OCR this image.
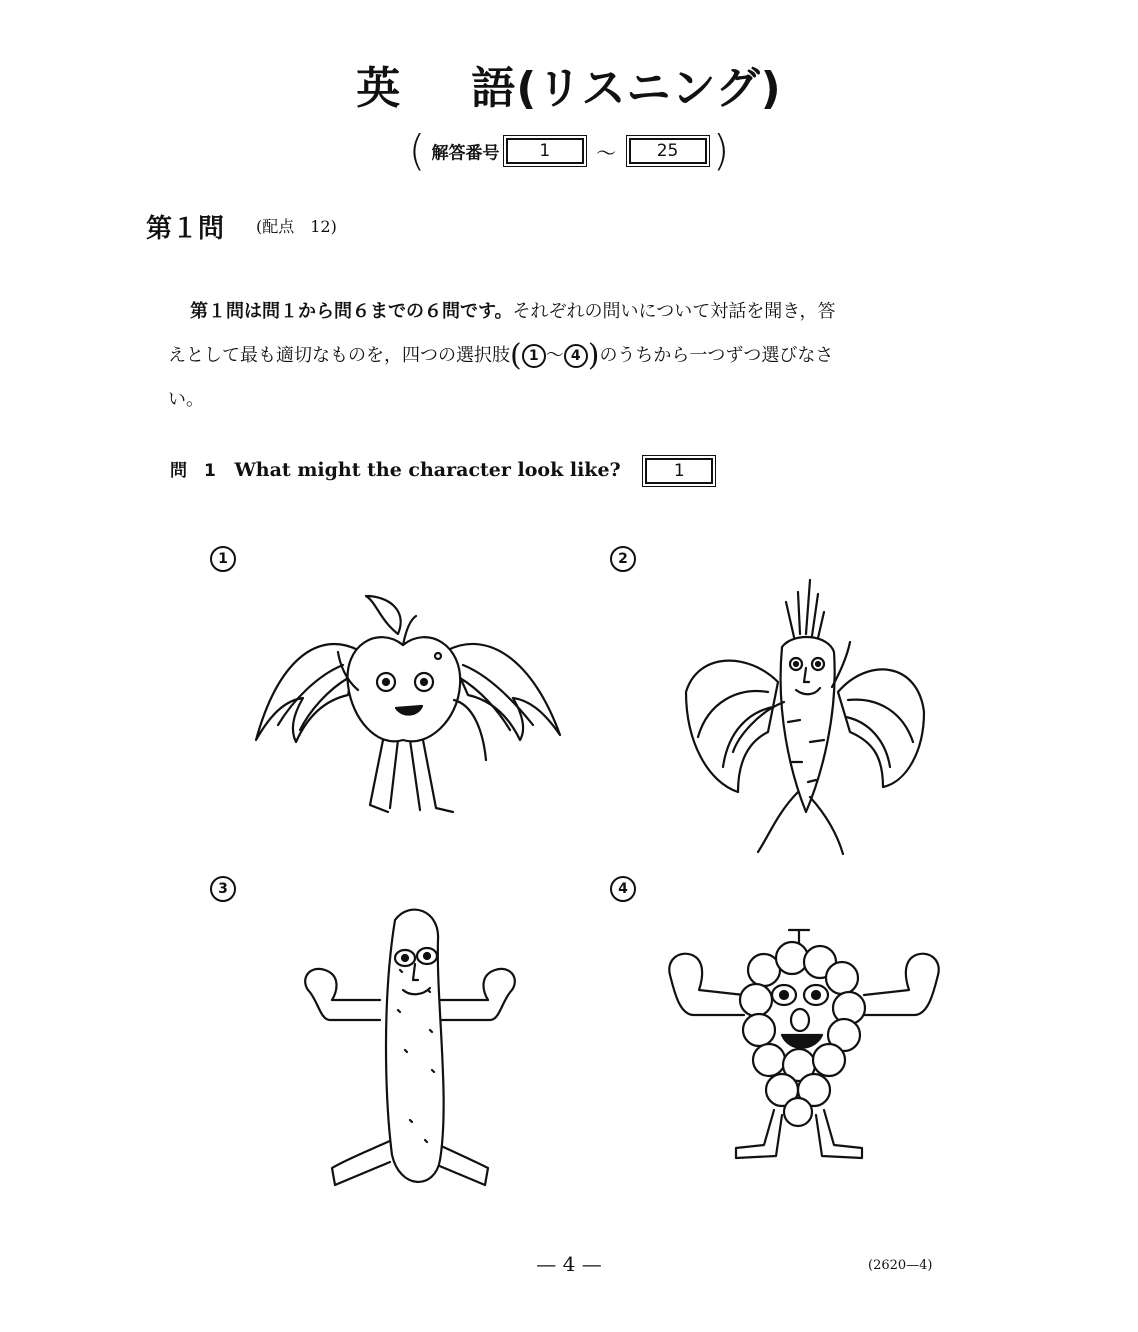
英 語(リスニング)
( 解答番号 1 〜 25 )
第１問 (配点　12)
第１問は問１から問６までの６問です。それぞれの問いについて対話を聞き，答
えとして最も適切なものを，四つの選択肢( 1 〜 4 )のうちから一つずつ選びなさ
い。
問　1 What might the character look like?	1
1	2
3	4
— 4 —	(2620—4)
